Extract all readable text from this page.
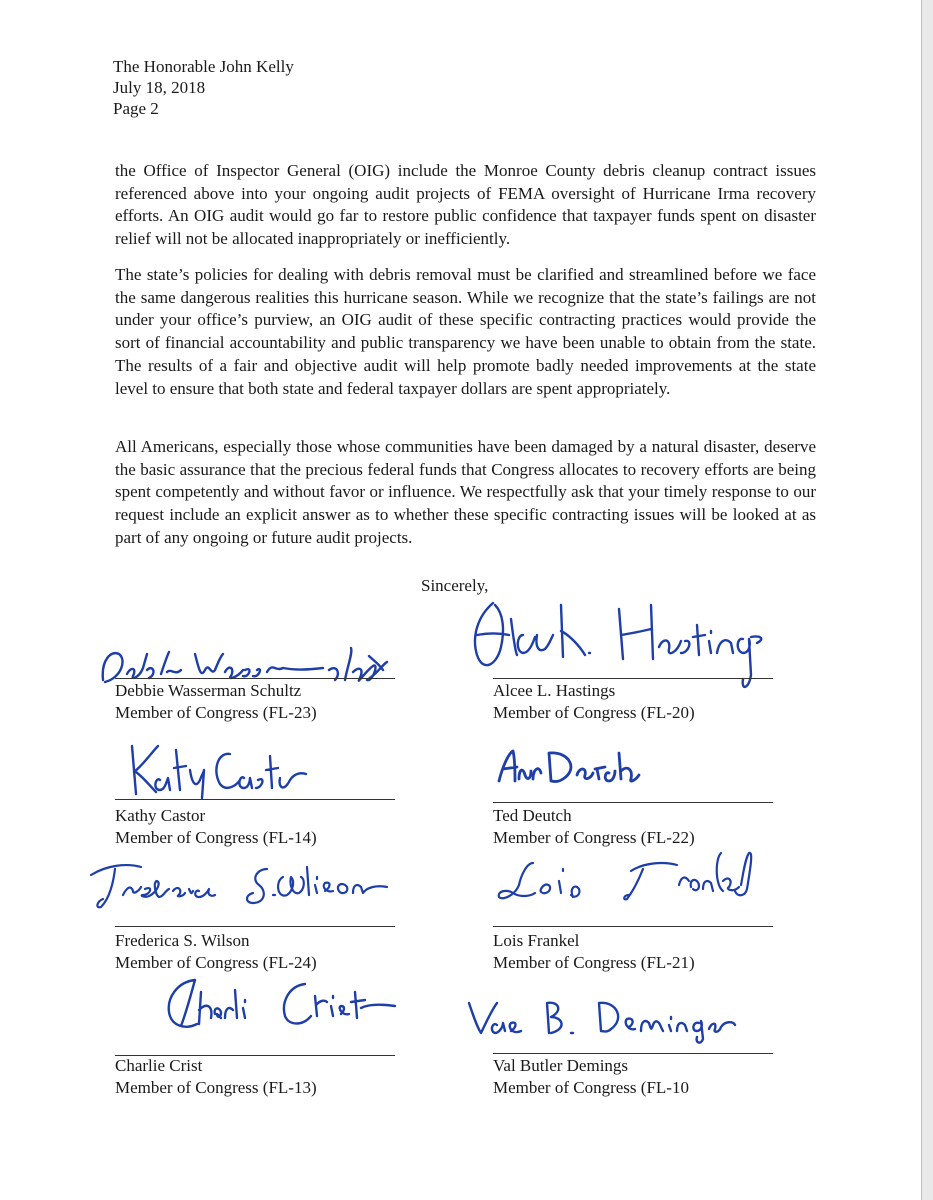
The Honorable John Kelly
July 18, 2018
Page 2

the Office of Inspector General (OIG) include the Monroe County debris cleanup contract issues referenced above into your ongoing audit projects of FEMA oversight of Hurricane Irma recovery efforts. An OIG audit would go far to restore public confidence that taxpayer funds spent on disaster relief will not be allocated inappropriately or inefficiently.

The state’s policies for dealing with debris removal must be clarified and streamlined before we face the same dangerous realities this hurricane season. While we recognize that the state’s failings are not under your office’s purview, an OIG audit of these specific contracting practices would provide the sort of financial accountability and public transparency we have been unable to obtain from the state. The results of a fair and objective audit will help promote badly needed improvements at the state level to ensure that both state and federal taxpayer dollars are spent appropriately.

All Americans, especially those whose communities have been damaged by a natural disaster, deserve the basic assurance that the precious federal funds that Congress allocates to recovery efforts are being spent competently and without favor or influence. We respectfully ask that your timely response to our request include an explicit answer as to whether these specific contracting issues will be looked at as part of any ongoing or future audit projects.

Sincerely,
Debbie Wasserman Schultz
Member of Congress (FL-23)
Alcee L. Hastings
Member of Congress (FL-20)
Kathy Castor
Member of Congress (FL-14)
Ted Deutch
Member of Congress (FL-22)
Frederica S. Wilson
Member of Congress (FL-24)
Lois Frankel
Member of Congress (FL-21)
Charlie Crist
Member of Congress (FL-13)
Val Butler Demings
Member of Congress (FL-10
